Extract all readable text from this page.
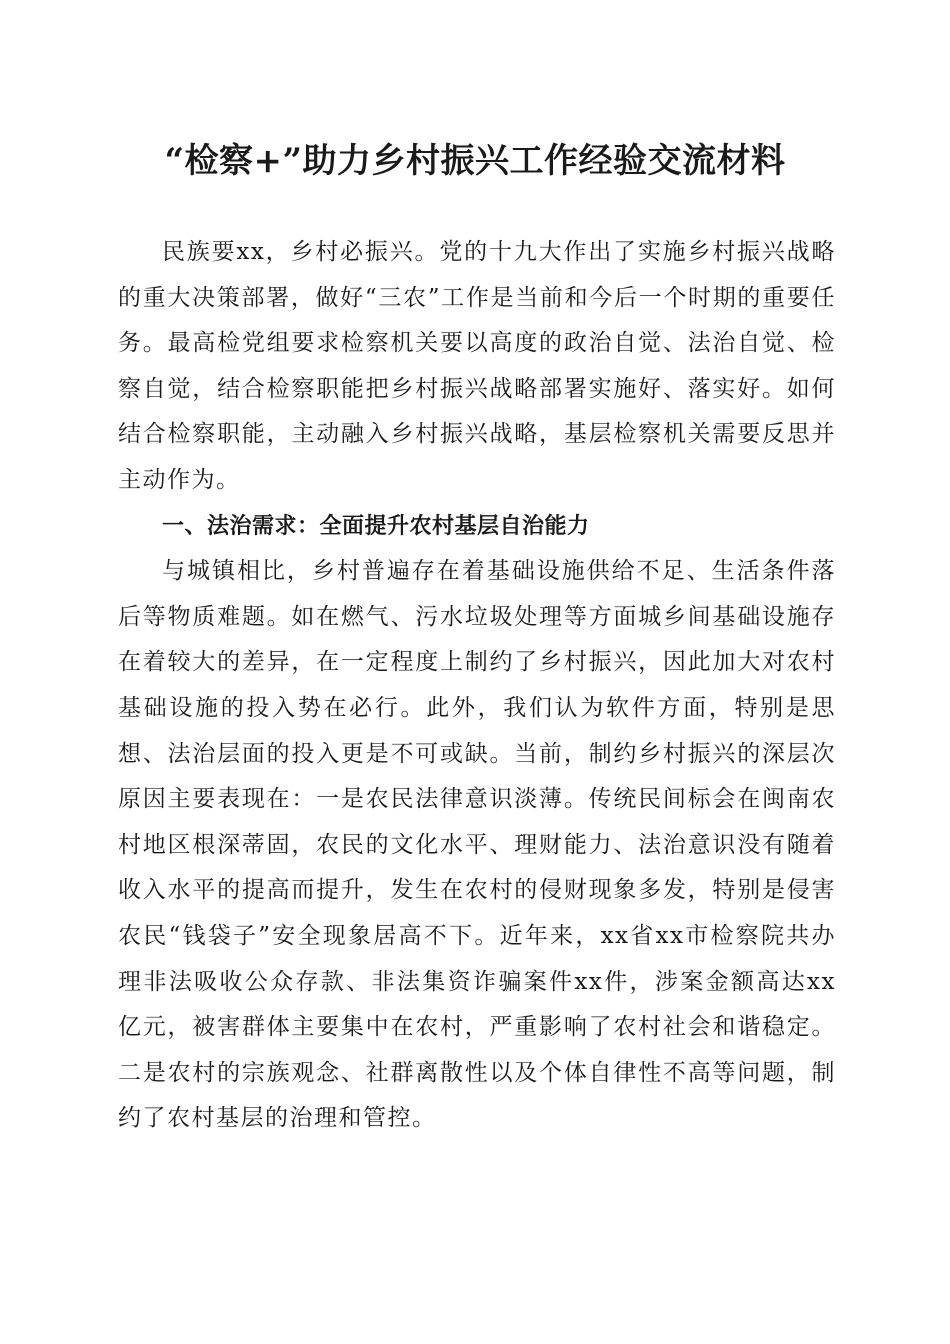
“检察+”助力乡村振兴工作经验交流材料

民族要xx，乡村必振兴。党的十九大作出了实施乡村振兴战略的重大决策部署，做好“三农”工作是当前和今后一个时期的重要任务。最高检党组要求检察机关要以高度的政治自觉、法治自觉、检察自觉，结合检察职能把乡村振兴战略部署实施好、落实好。如何结合检察职能，主动融入乡村振兴战略，基层检察机关需要反思并主动作为。

一、法治需求：全面提升农村基层自治能力

与城镇相比，乡村普遍存在着基础设施供给不足、生活条件落后等物质难题。如在燃气、污水垃圾处理等方面城乡间基础设施存在着较大的差异，在一定程度上制约了乡村振兴，因此加大对农村基础设施的投入势在必行。此外，我们认为软件方面，特别是思想、法治层面的投入更是不可或缺。当前，制约乡村振兴的深层次原因主要表现在：一是农民法律意识淡薄。传统民间标会在闽南农村地区根深蒂固，农民的文化水平、理财能力、法治意识没有随着收入水平的提高而提升，发生在农村的侵财现象多发，特别是侵害农民“钱袋子”安全现象居高不下。近年来，xx省xx市检察院共办理非法吸收公众存款、非法集资诈骗案件xx件，涉案金额高达xx亿元，被害群体主要集中在农村，严重影响了农村社会和谐稳定。二是农村的宗族观念、社群离散性以及个体自律性不高等问题，制约了农村基层的治理和管控。
